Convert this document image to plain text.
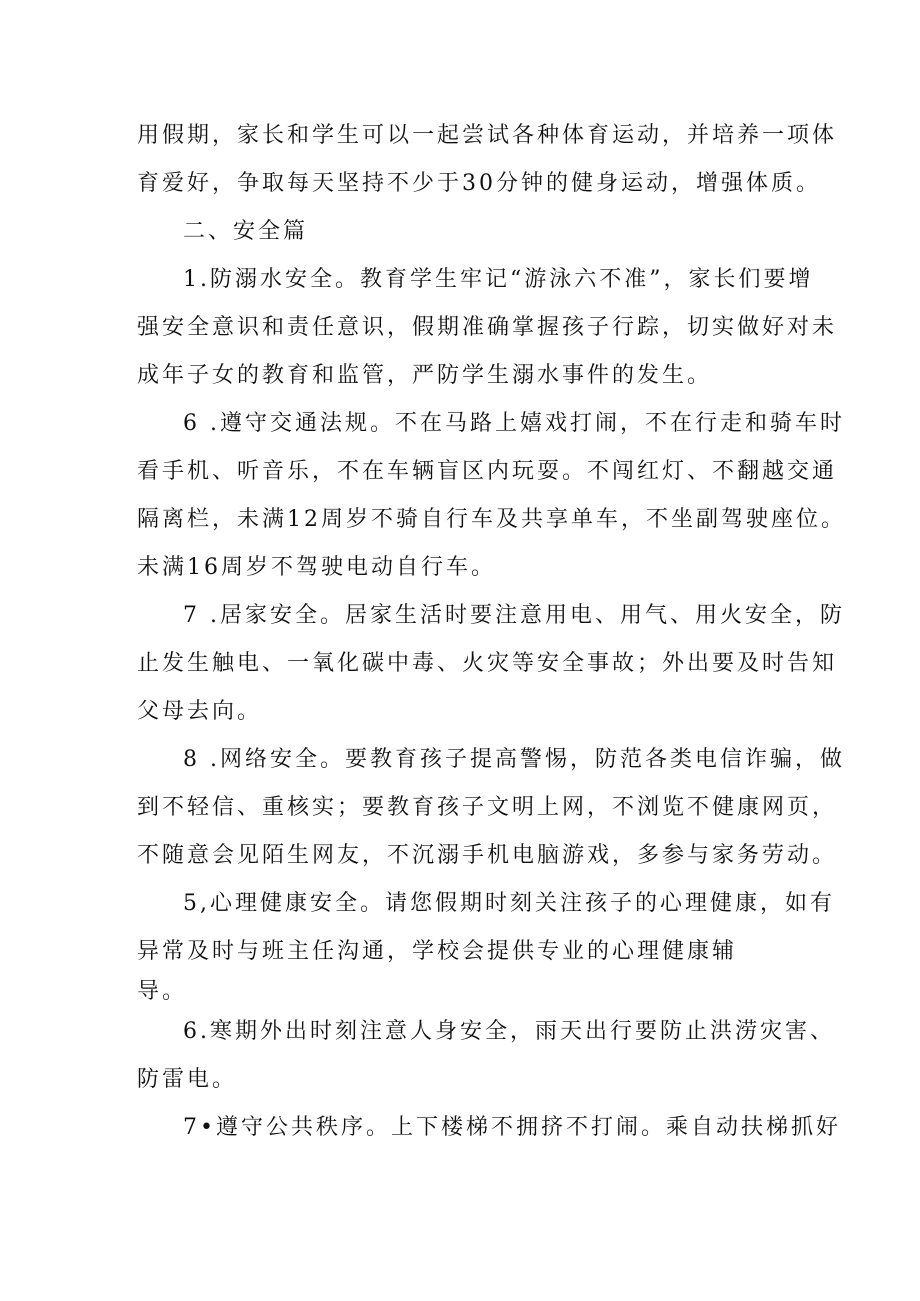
用假期，家长和学生可以一起尝试各种体育运动，并培养一项体
育爱好，争取每天坚持不少于30分钟的健身运动，增强体质。
二、安全篇
1.防溺水安全。教育学生牢记“游泳六不准”，家长们要增
强安全意识和责任意识，假期准确掌握孩子行踪，切实做好对未
成年子女的教育和监管，严防学生溺水事件的发生。
6 .遵守交通法规。不在马路上嬉戏打闹，不在行走和骑车时
看手机、听音乐，不在车辆盲区内玩耍。不闯红灯、不翻越交通
隔离栏，未满12周岁不骑自行车及共享单车，不坐副驾驶座位。
未满16周岁不驾驶电动自行车。
7 .居家安全。居家生活时要注意用电、用气、用火安全，防
止发生触电、一氧化碳中毒、火灾等安全事故；外出要及时告知
父母去向。
8 .网络安全。要教育孩子提高警惕，防范各类电信诈骗，做
到不轻信、重核实；要教育孩子文明上网，不浏览不健康网页，
不随意会见陌生网友，不沉溺手机电脑游戏，多参与家务劳动。
5,心理健康安全。请您假期时刻关注孩子的心理健康，如有
异常及时与班主任沟通，学校会提供专业的心理健康辅
导。
6.寒期外出时刻注意人身安全，雨天出行要防止洪涝灾害、
防雷电。
7•遵守公共秩序。上下楼梯不拥挤不打闹。乘自动扶梯抓好
